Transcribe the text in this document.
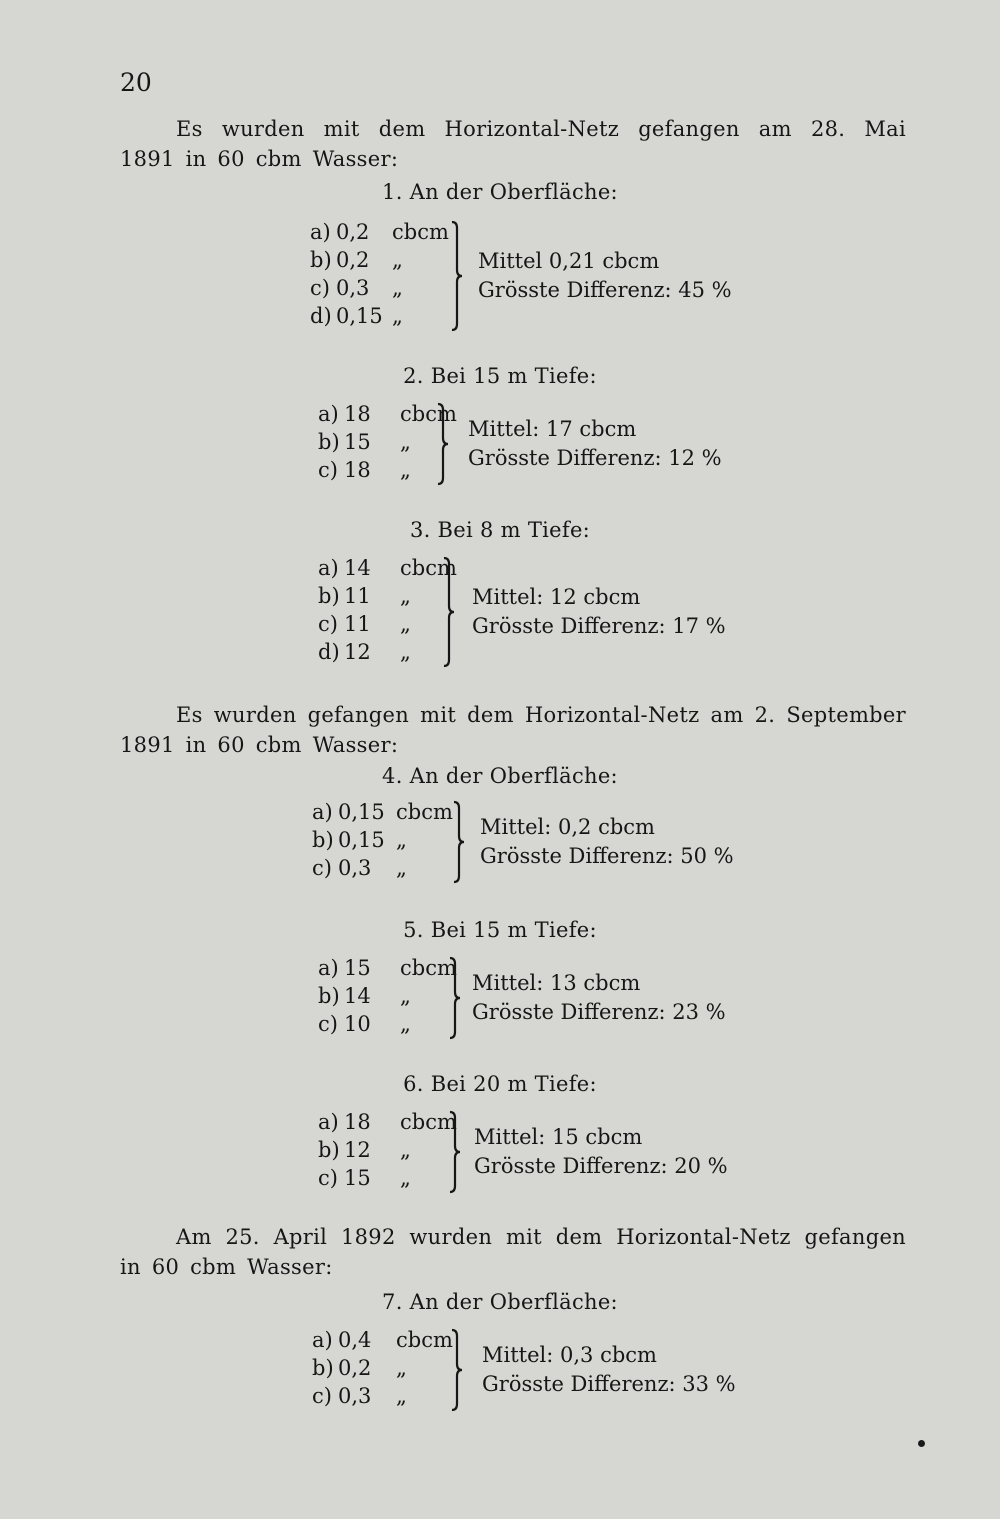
20
Es wurden mit dem Horizontal-Netz gefangen am 28. Mai 1891 in 60 cbm Wasser:
1. An der Oberfläche:
a) 0,2 cbcm
b) 0,2 „
c) 0,3 „
d) 0,15 „
Mittel 0,21 cbcm
Grösste Differenz: 45 %
2. Bei 15 m Tiefe:
a) 18 cbcm
b) 15 „
c) 18 „
Mittel: 17 cbcm
Grösste Differenz: 12 %
3. Bei 8 m Tiefe:
a) 14 cbcm
b) 11 „
c) 11 „
d) 12 „
Mittel: 12 cbcm
Grösste Differenz: 17 %
Es wurden gefangen mit dem Horizontal-Netz am 2. September 1891 in 60 cbm Wasser:
4. An der Oberfläche:
a) 0,15 cbcm
b) 0,15 „
c) 0,3 „
Mittel: 0,2 cbcm
Grösste Differenz: 50 %
5. Bei 15 m Tiefe:
a) 15 cbcm
b) 14 „
c) 10 „
Mittel: 13 cbcm
Grösste Differenz: 23 %
6. Bei 20 m Tiefe:
a) 18 cbcm
b) 12 „
c) 15 „
Mittel: 15 cbcm
Grösste Differenz: 20 %
Am 25. April 1892 wurden mit dem Horizontal-Netz gefangen in 60 cbm Wasser:
7. An der Oberfläche:
a) 0,4 cbcm
b) 0,2 „
c) 0,3 „
Mittel: 0,3 cbcm
Grösste Differenz: 33 %
